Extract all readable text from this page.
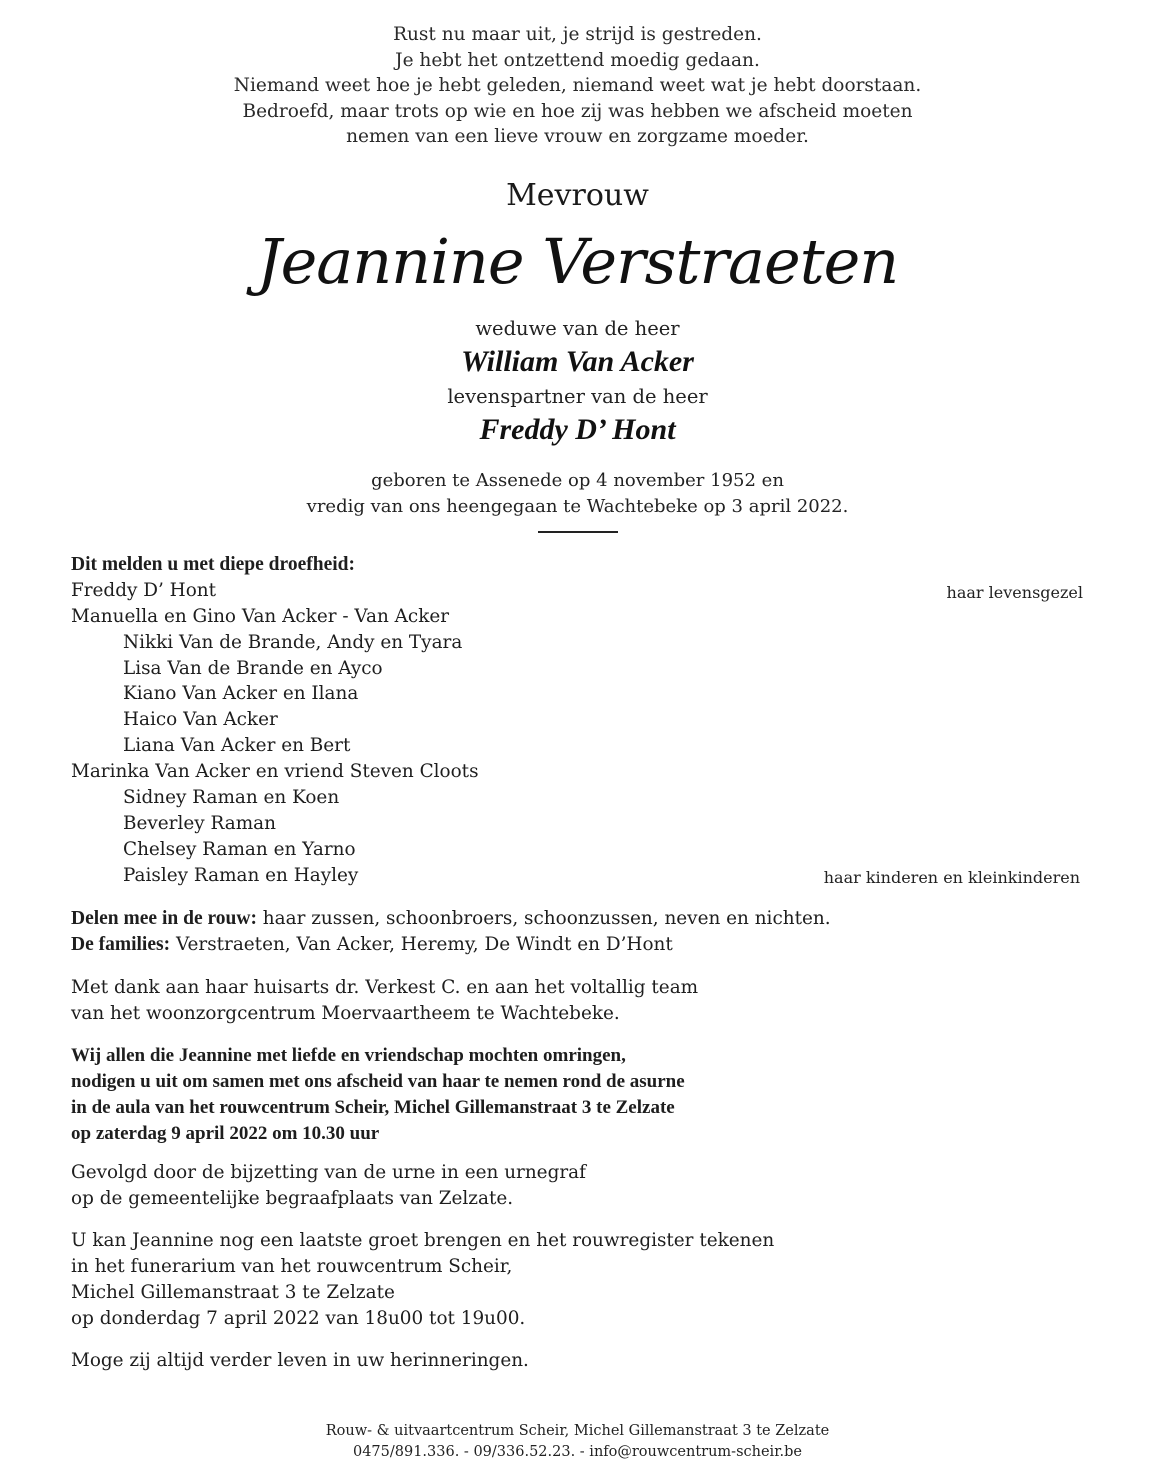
Rust nu maar uit, je strijd is gestreden.
Je hebt het ontzettend moedig gedaan.
Niemand weet hoe je hebt geleden, niemand weet wat je hebt doorstaan.
Bedroefd, maar trots op wie en hoe zij was hebben we afscheid moeten
nemen van een lieve vrouw en zorgzame moeder.
Mevrouw
Jeannine Verstraeten
weduwe van de heer
William Van Acker
levenspartner van de heer
Freddy D’ Hont
geboren te Assenede op 4 november 1952 en
vredig van ons heengegaan te Wachtebeke op 3 april 2022.
Dit melden u met diepe droefheid:
Freddy D’ Hont	haar levensgezel
Manuella en Gino Van Acker - Van Acker
Nikki Van de Brande, Andy en Tyara
Lisa Van de Brande en Ayco
Kiano Van Acker en Ilana
Haico Van Acker
Liana Van Acker en Bert
Marinka Van Acker en vriend Steven Cloots
Sidney Raman en Koen
Beverley Raman
Chelsey Raman en Yarno
Paisley Raman en Hayley	haar kinderen en kleinkinderen
Delen mee in de rouw: haar zussen, schoonbroers, schoonzussen, neven en nichten.
De families: Verstraeten, Van Acker, Heremy, De Windt en D’Hont
Met dank aan haar huisarts dr. Verkest C. en aan het voltallig team
van het woonzorgcentrum Moervaartheem te Wachtebeke.
Wij allen die Jeannine met liefde en vriendschap mochten omringen,
nodigen u uit om samen met ons afscheid van haar te nemen rond de asurne
in de aula van het rouwcentrum Scheir, Michel Gillemanstraat 3 te Zelzate
op zaterdag 9 april 2022 om 10.30 uur
Gevolgd door de bijzetting van de urne in een urnegraf
op de gemeentelijke begraafplaats van Zelzate.
U kan Jeannine nog een laatste groet brengen en het rouwregister tekenen
in het funerarium van het rouwcentrum Scheir,
Michel Gillemanstraat 3 te Zelzate
op donderdag 7 april 2022 van 18u00 tot 19u00.
Moge zij altijd verder leven in uw herinneringen.
Rouw- & uitvaartcentrum Scheir, Michel Gillemanstraat 3 te Zelzate
0475/891.336. - 09/336.52.23. - info@rouwcentrum-scheir.be
